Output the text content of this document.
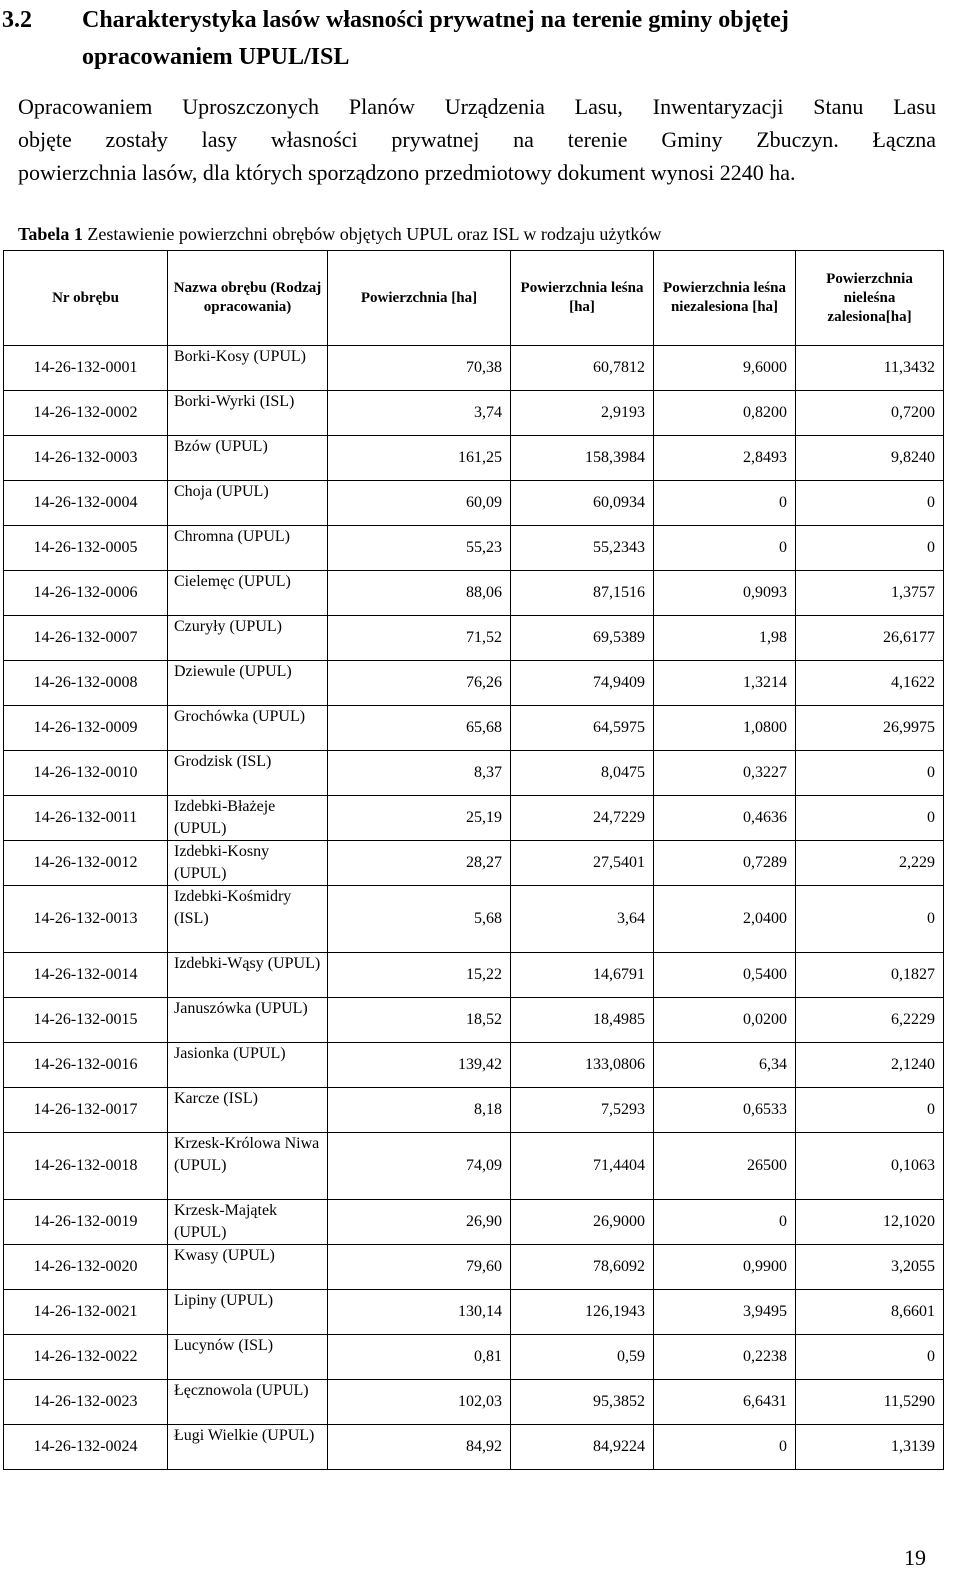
3.2 Charakterystyka lasów własności prywatnej na terenie gminy objętej
opracowaniem UPUL/ISL
Opracowaniem Uproszczonych Planów Urządzenia Lasu, Inwentaryzacji Stanu Lasu
objęte zostały lasy własności prywatnej na terenie Gminy Zbuczyn. Łączna
powierzchnia lasów, dla których sporządzono przedmiotowy dokument wynosi 2240 ha.
Tabela 1 Zestawienie powierzchni obrębów objętych UPUL oraz ISL w rodzaju użytków
Nr obrębu	Nazwa obrębu (Rodzaj opracowania)	Powierzchnia [ha]	Powierzchnia leśna [ha]	Powierzchnia leśna niezalesiona [ha]	Powierzchnia nieleśna zalesiona[ha]
14-26-132-0001	Borki-Kosy (UPUL)	70,38	60,7812	9,6000	11,3432
14-26-132-0002	Borki-Wyrki (ISL)	3,74	2,9193	0,8200	0,7200
14-26-132-0003	Bzów (UPUL)	161,25	158,3984	2,8493	9,8240
14-26-132-0004	Choja (UPUL)	60,09	60,0934	0	0
14-26-132-0005	Chromna (UPUL)	55,23	55,2343	0	0
14-26-132-0006	Cielemęc (UPUL)	88,06	87,1516	0,9093	1,3757
14-26-132-0007	Czuryły (UPUL)	71,52	69,5389	1,98	26,6177
14-26-132-0008	Dziewule (UPUL)	76,26	74,9409	1,3214	4,1622
14-26-132-0009	Grochówka (UPUL)	65,68	64,5975	1,0800	26,9975
14-26-132-0010	Grodzisk (ISL)	8,37	8,0475	0,3227	0
14-26-132-0011	Izdebki-Błażeje (UPUL)	25,19	24,7229	0,4636	0
14-26-132-0012	Izdebki-Kosny (UPUL)	28,27	27,5401	0,7289	2,229
14-26-132-0013	Izdebki-Kośmidry (ISL)	5,68	3,64	2,0400	0
14-26-132-0014	Izdebki-Wąsy (UPUL)	15,22	14,6791	0,5400	0,1827
14-26-132-0015	Januszówka (UPUL)	18,52	18,4985	0,0200	6,2229
14-26-132-0016	Jasionka (UPUL)	139,42	133,0806	6,34	2,1240
14-26-132-0017	Karcze (ISL)	8,18	7,5293	0,6533	0
14-26-132-0018	Krzesk-Królowa Niwa (UPUL)	74,09	71,4404	26500	0,1063
14-26-132-0019	Krzesk-Majątek (UPUL)	26,90	26,9000	0	12,1020
14-26-132-0020	Kwasy (UPUL)	79,60	78,6092	0,9900	3,2055
14-26-132-0021	Lipiny (UPUL)	130,14	126,1943	3,9495	8,6601
14-26-132-0022	Lucynów (ISL)	0,81	0,59	0,2238	0
14-26-132-0023	Łęcznowola (UPUL)	102,03	95,3852	6,6431	11,5290
14-26-132-0024	Ługi Wielkie (UPUL)	84,92	84,9224	0	1,3139
19
